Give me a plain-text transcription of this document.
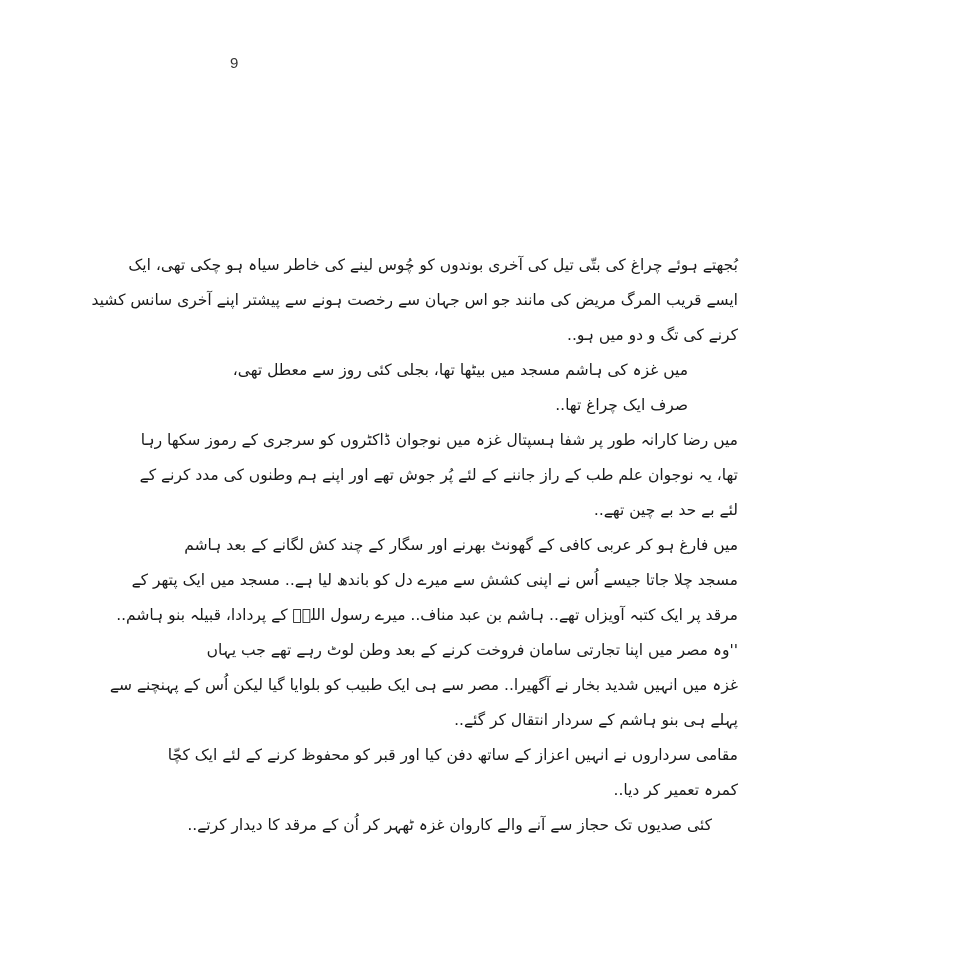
9
بُجھتے ہوئے چراغ کی بتّی تیل کی آخری بوندوں کو چُوس لینے کی خاطر سیاہ ہو چکی تھی، ایک
ایسے قریب المرگ مریض کی مانند جو اس جہان سے رخصت ہونے سے پیشتر اپنے آخری سانس کشید
کرنے کی تگ و دو میں ہو..
میں غزہ کی ہاشم مسجد میں بیٹھا تھا، بجلی کئی روز سے معطل تھی،
صرف ایک چراغ تھا..
میں رضا کارانہ طور پر شفا ہسپتال غزہ میں نوجوان ڈاکٹروں کو سرجری کے رموز سکھا رہا
تھا، یہ نوجوان علم طب کے راز جاننے کے لئے پُر جوش تھے اور اپنے ہم وطنوں کی مدد کرنے کے
لئے بے حد بے چین تھے..
میں فارغ ہو کر عربی کافی کے گھونٹ بھرنے اور سگار کے چند کش لگانے کے بعد ہاشم
مسجد چلا جاتا جیسے اُس نے اپنی کشش سے میرے دل کو باندھ لیا ہے.. مسجد میں ایک پتھر کے
مرقد پر ایک کتبہ آویزاں تھے.. ہاشم بن عبد مناف.. میرے رسول اللہؐ کے پردادا، قبیلہ بنو ہاشم..
''وہ مصر میں اپنا تجارتی سامان فروخت کرنے کے بعد وطن لوٹ رہے تھے جب یہاں
غزہ میں انہیں شدید بخار نے آگھیرا.. مصر سے ہی ایک طبیب کو بلوایا گیا لیکن اُس کے پہنچنے سے
پہلے ہی بنو ہاشم کے سردار انتقال کر گئے..
مقامی سرداروں نے انہیں اعزاز کے ساتھ دفن کیا اور قبر کو محفوظ کرنے کے لئے ایک کچّا
کمرہ تعمیر کر دیا..
کئی صدیوں تک حجاز سے آنے والے کاروان غزہ ٹھہر کر اُن کے مرقد کا دیدار کرتے..
